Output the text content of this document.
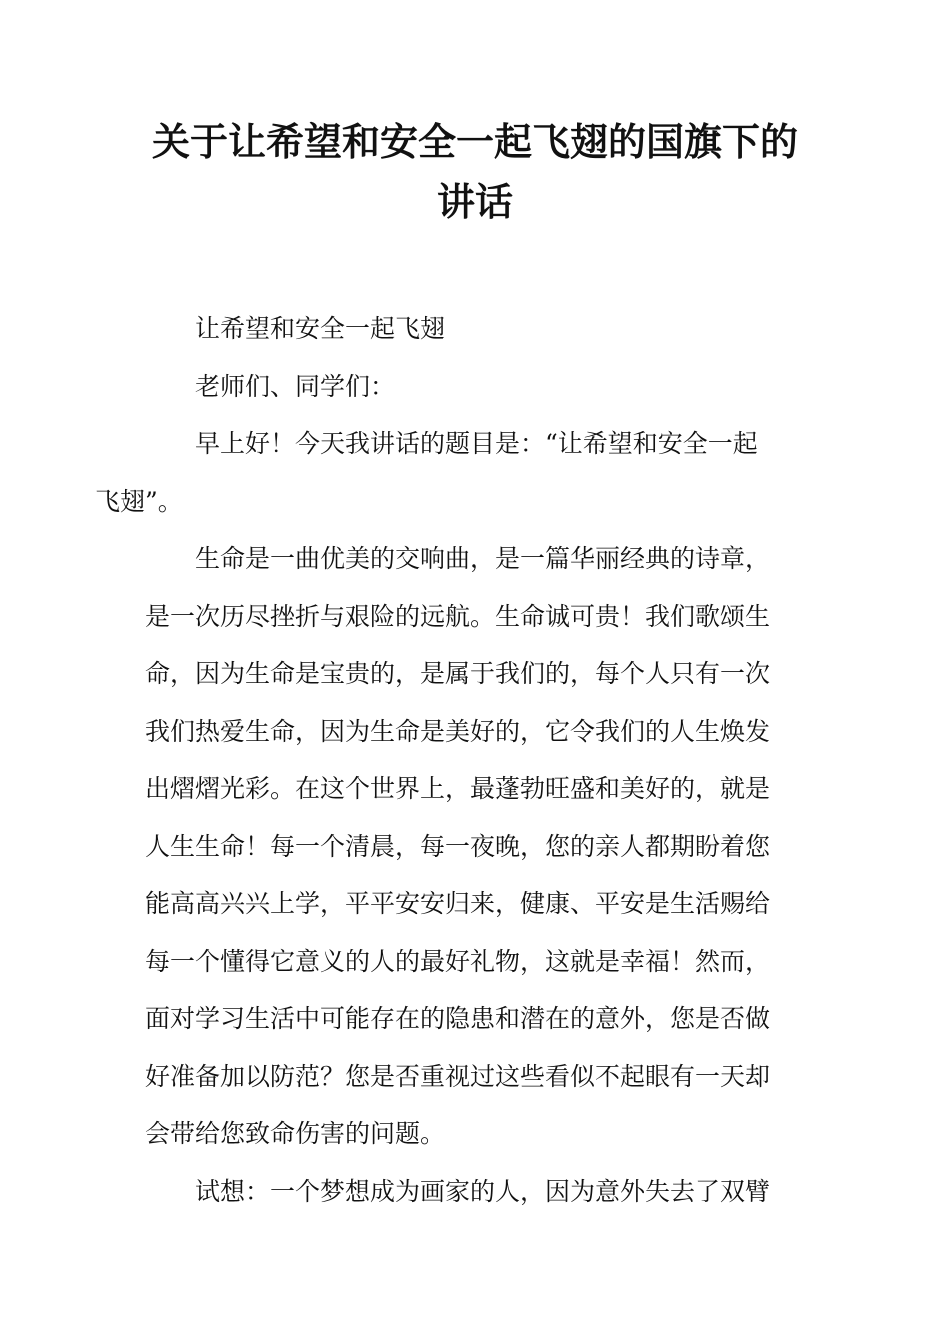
关于让希望和安全一起飞翅的国旗下的
讲话

让希望和安全一起飞翅

老师们、同学们：

早上好！今天我讲话的题目是：“让希望和安全一起
飞翅”。

生命是一曲优美的交响曲，是一篇华丽经典的诗章，
是一次历尽挫折与艰险的远航。生命诚可贵！我们歌颂生
命，因为生命是宝贵的，是属于我们的，每个人只有一次
我们热爱生命，因为生命是美好的，它令我们的人生焕发
出熠熠光彩。在这个世界上，最蓬勃旺盛和美好的，就是
人生生命！每一个清晨，每一夜晚，您的亲人都期盼着您
能高高兴兴上学，平平安安归来，健康、平安是生活赐给
每一个懂得它意义的人的最好礼物，这就是幸福！然而，
面对学习生活中可能存在的隐患和潜在的意外，您是否做
好准备加以防范？您是否重视过这些看似不起眼有一天却
会带给您致命伤害的问题。

试想：一个梦想成为画家的人，因为意外失去了双臂
